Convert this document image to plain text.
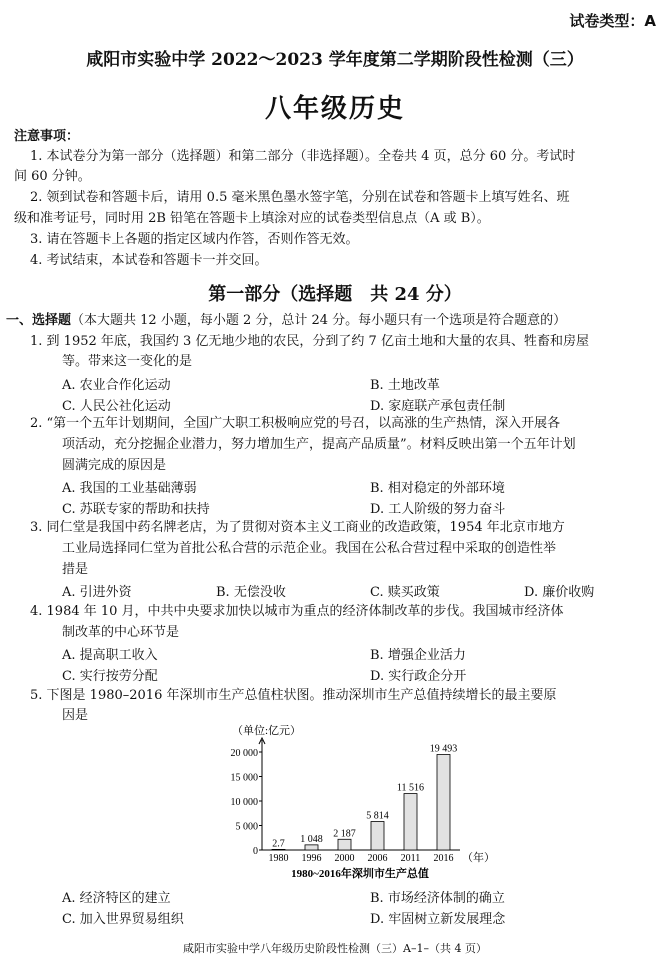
试卷类型：A
咸阳市实验中学 2022～2023 学年度第二学期阶段性检测（三）
八年级历史
注意事项：
1. 本试卷分为第一部分（选择题）和第二部分（非选择题）。全卷共 4 页，总分 60 分。考试时
间 60 分钟。
2. 领到试卷和答题卡后，请用 0.5 毫米黑色墨水签字笔，分别在试卷和答题卡上填写姓名、班
级和准考证号，同时用 2B 铅笔在答题卡上填涂对应的试卷类型信息点（A 或 B）。
3. 请在答题卡上各题的指定区域内作答，否则作答无效。
4. 考试结束，本试卷和答题卡一并交回。
第一部分（选择题　共 24 分）
一、选择题（本大题共 12 小题，每小题 2 分，总计 24 分。每小题只有一个选项是符合题意的）
1. 到 1952 年底，我国约 3 亿无地少地的农民，分到了约 7 亿亩土地和大量的农具、牲畜和房屋
等。带来这一变化的是
A. 农业合作化运动	B. 土地改革
C. 人民公社化运动	D. 家庭联产承包责任制
2. “第一个五年计划期间，全国广大职工积极响应党的号召，以高涨的生产热情，深入开展各
项活动，充分挖掘企业潜力，努力增加生产，提高产品质量”。材料反映出第一个五年计划
圆满完成的原因是
A. 我国的工业基础薄弱	B. 相对稳定的外部环境
C. 苏联专家的帮助和扶持	D. 工人阶级的努力奋斗
3. 同仁堂是我国中药名牌老店，为了贯彻对资本主义工商业的改造政策，1954 年北京市地方
工业局选择同仁堂为首批公私合营的示范企业。我国在公私合营过程中采取的创造性举
措是
A. 引进外资	B. 无偿没收	C. 赎买政策	D. 廉价收购
4. 1984 年 10 月，中共中央要求加快以城市为重点的经济体制改革的步伐。我国城市经济体
制改革的中心环节是
A. 提高职工收入	B. 增强企业活力
C. 实行按劳分配	D. 实行政企分开
5. 下图是 1980–2016 年深圳市生产总值柱状图。推动深圳市生产总值持续增长的最主要原
因是
（单位:亿元）
（年）
1980~2016年深圳市生产总值
0
5 000
10 000
15 000
20 000
2.7
1980
1 048
1996
2 187
2000
5 814
2006
11 516
2011
19 493
2016
A. 经济特区的建立	B. 市场经济体制的确立
C. 加入世界贸易组织	D. 牢固树立新发展理念
咸阳市实验中学八年级历史阶段性检测（三）A–1–（共 4 页）
